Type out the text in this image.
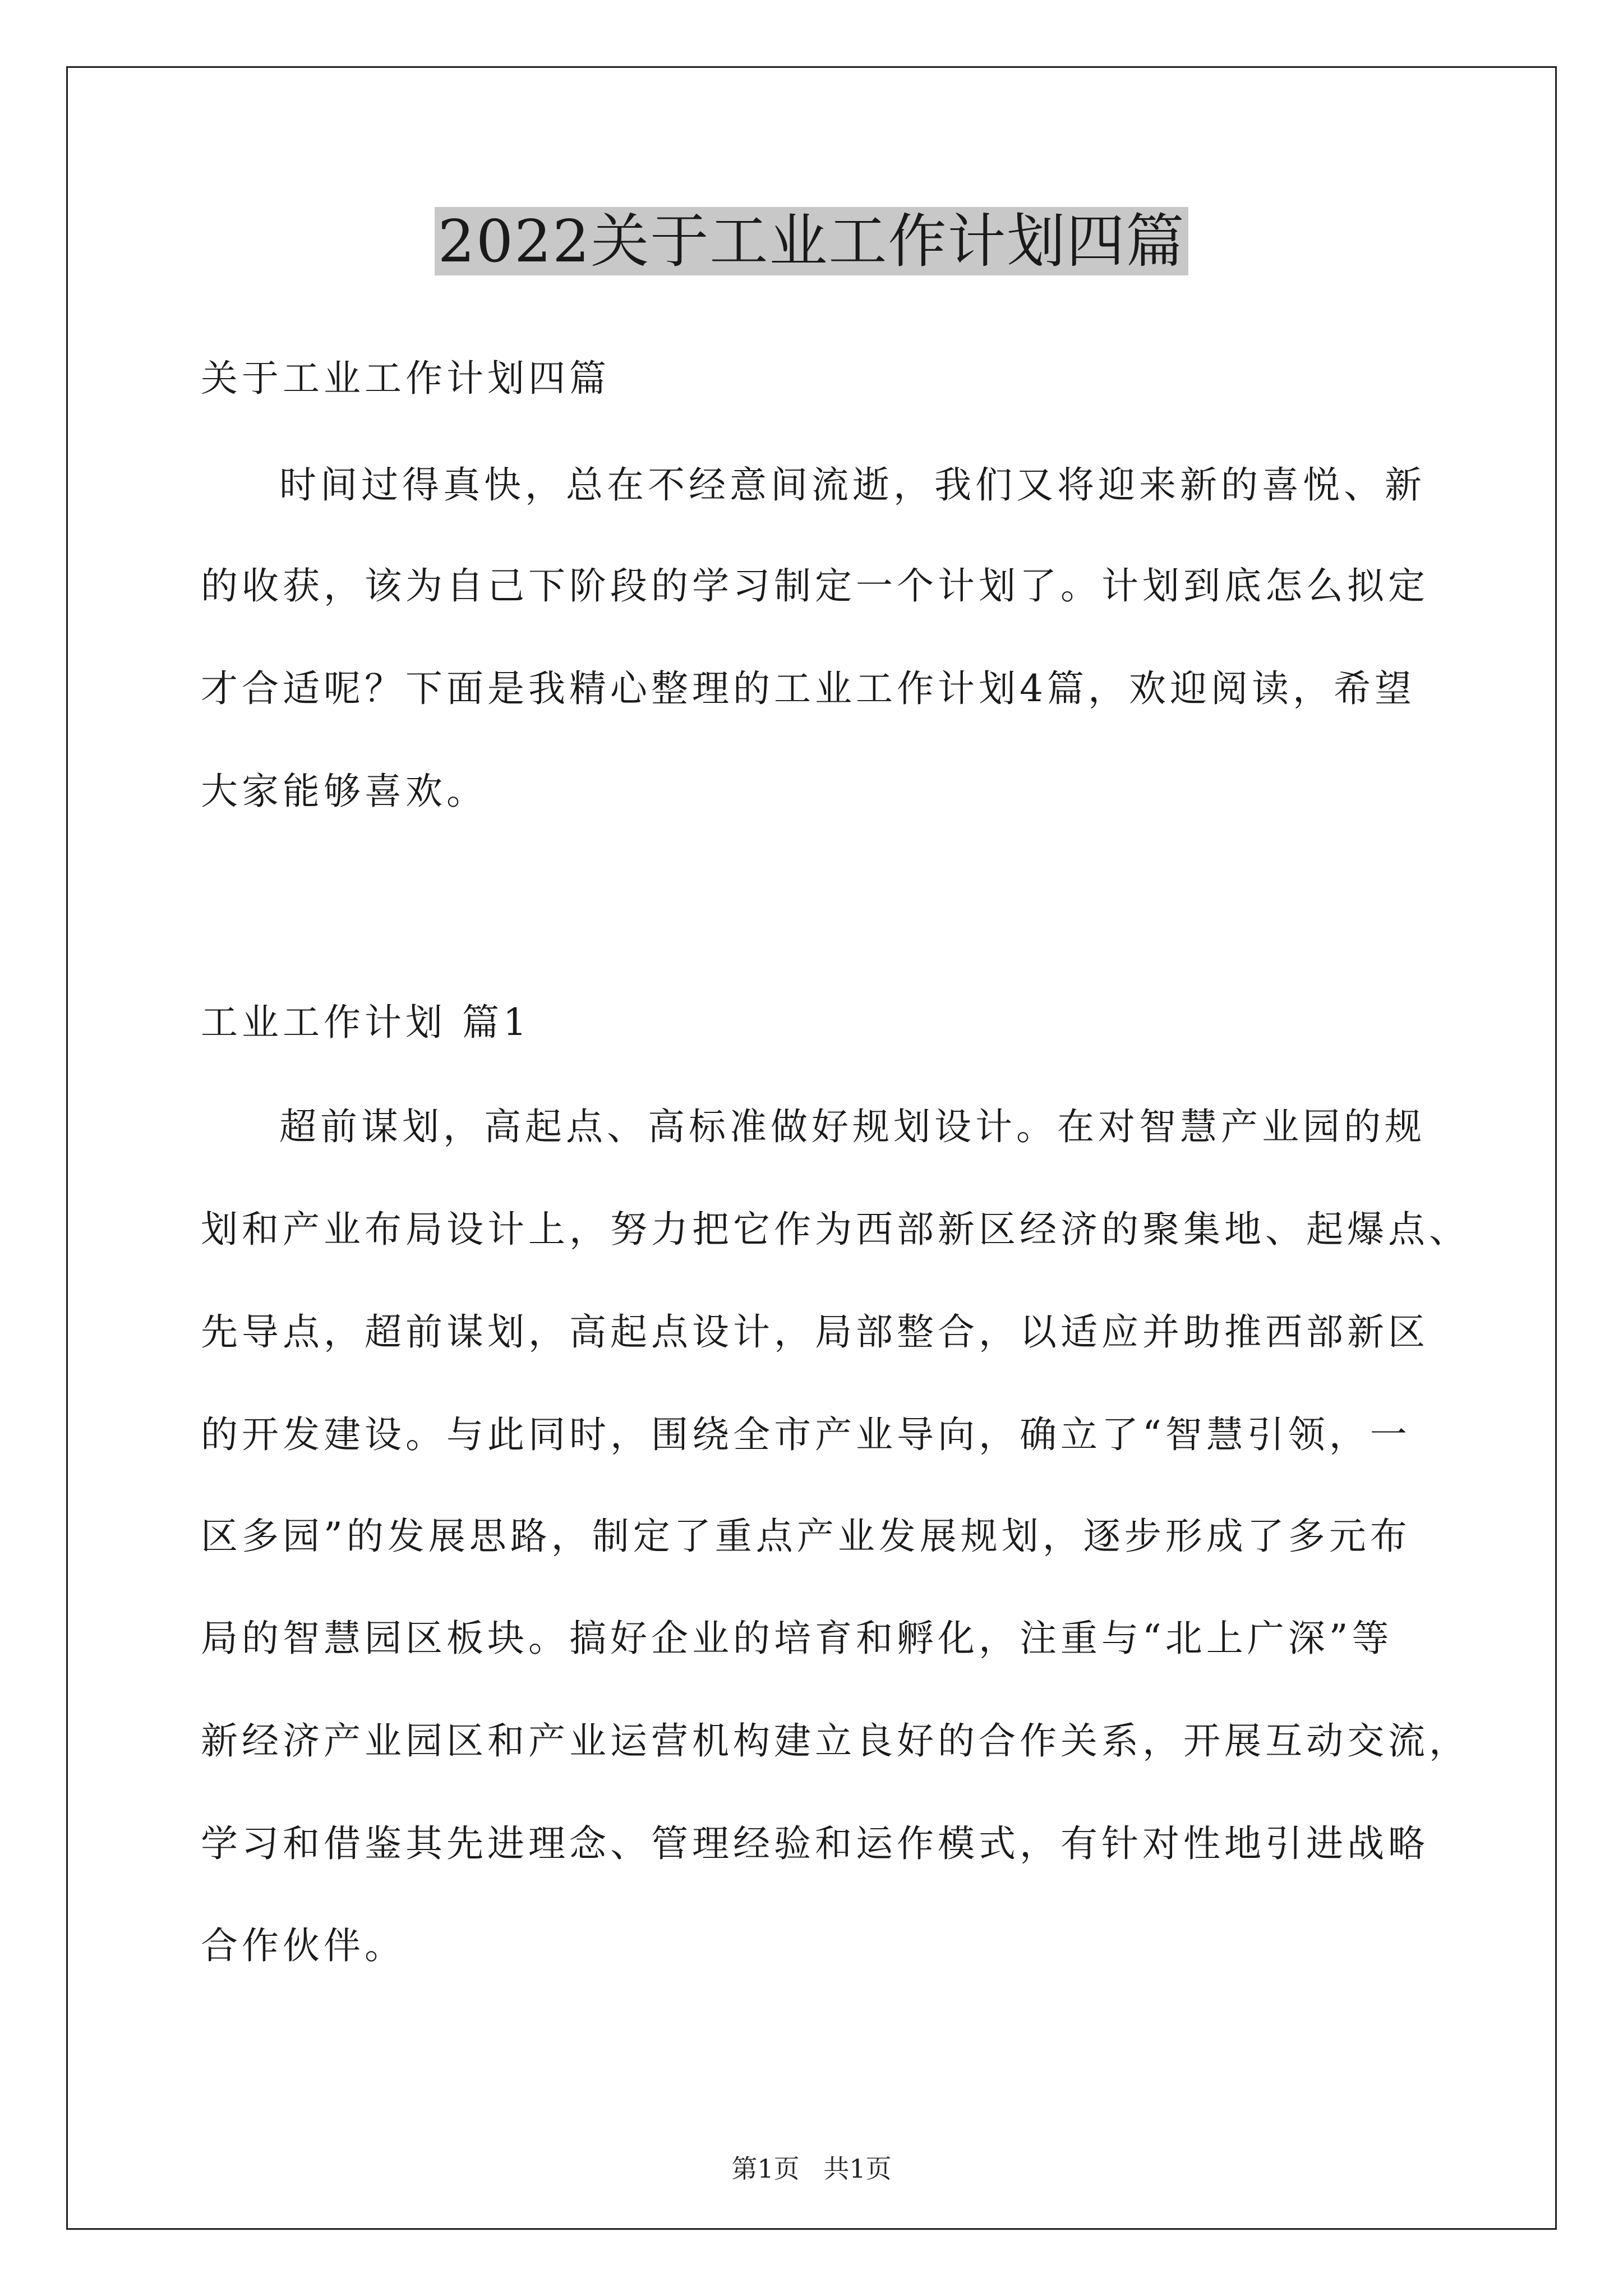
2022关于工业工作计划四篇
关于工业工作计划四篇
时间过得真快，总在不经意间流逝，我们又将迎来新的喜悦、新
的收获，该为自己下阶段的学习制定一个计划了。计划到底怎么拟定
才合适呢？下面是我精心整理的工业工作计划4篇，欢迎阅读，希望
大家能够喜欢。
工业工作计划 篇1
超前谋划，高起点、高标准做好规划设计。在对智慧产业园的规
划和产业布局设计上，努力把它作为西部新区经济的聚集地、起爆点、
先导点，超前谋划，高起点设计，局部整合，以适应并助推西部新区
的开发建设。与此同时，围绕全市产业导向，确立了“智慧引领，一
区多园”的发展思路，制定了重点产业发展规划，逐步形成了多元布
局的智慧园区板块。搞好企业的培育和孵化，注重与“北上广深”等
新经济产业园区和产业运营机构建立良好的合作关系，开展互动交流，
学习和借鉴其先进理念、管理经验和运作模式，有针对性地引进战略
合作伙伴。
第1页 共1页
